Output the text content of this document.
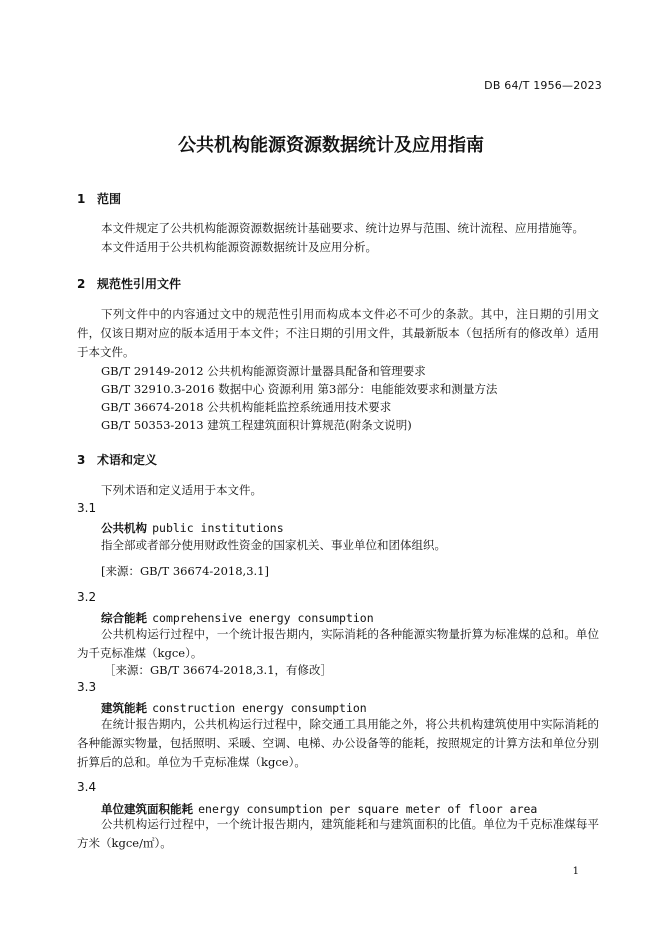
DB 64/T 1956—2023
公共机构能源资源数据统计及应用指南
1 范围
本文件规定了公共机构能源资源数据统计基础要求、统计边界与范围、统计流程、应用措施等。
本文件适用于公共机构能源资源数据统计及应用分析。
2 规范性引用文件
下列文件中的内容通过文中的规范性引用而构成本文件必不可少的条款。其中，注日期的引用文件，仅该日期对应的版本适用于本文件；不注日期的引用文件，其最新版本（包括所有的修改单）适用于本文件。
GB/T 29149-2012 公共机构能源资源计量器具配备和管理要求
GB/T 32910.3-2016 数据中心 资源利用 第3部分：电能能效要求和测量方法
GB/T 36674-2018 公共机构能耗监控系统通用技术要求
GB/T 50353-2013 建筑工程建筑面积计算规范(附条文说明)
3 术语和定义
下列术语和定义适用于本文件。
3.1
公共机构 public institutions
指全部或者部分使用财政性资金的国家机关、事业单位和团体组织。
[来源：GB/T 36674-2018,3.1]
3.2
综合能耗 comprehensive energy consumption
公共机构运行过程中，一个统计报告期内，实际消耗的各种能源实物量折算为标准煤的总和。单位为千克标准煤（kgce）。
［来源：GB/T 36674-2018,3.1，有修改］
3.3
建筑能耗 construction energy consumption
在统计报告期内，公共机构运行过程中，除交通工具用能之外，将公共机构建筑使用中实际消耗的各种能源实物量，包括照明、采暖、空调、电梯、办公设备等的能耗，按照规定的计算方法和单位分别折算后的总和。单位为千克标准煤（kgce）。
3.4
单位建筑面积能耗 energy consumption per square meter of floor area
公共机构运行过程中，一个统计报告期内，建筑能耗和与建筑面积的比值。单位为千克标准煤每平方米（kgce/㎡）。
1
